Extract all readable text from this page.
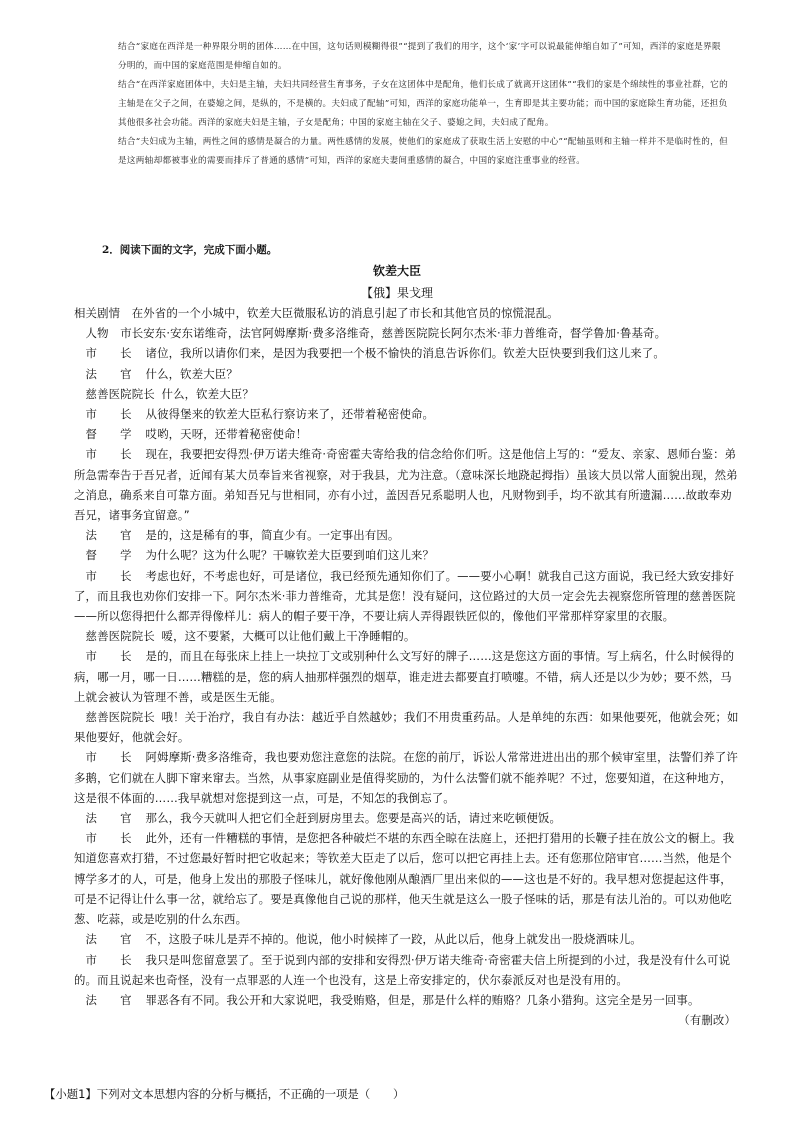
结合“家庭在西洋是一种界限分明的团体……在中国，这句话则模糊得很”“提到了我们的用字，这个‘家’字可以说最能伸缩自如了”可知，西洋的家庭是界限分明的，而中国的家庭范围是伸缩自如的。

结合“在西洋家庭团体中，夫妇是主轴，夫妇共同经营生育事务，子女在这团体中是配角，他们长成了就离开这团体”“我们的家是个绵续性的事业社群，它的主轴是在父子之间，在婆媳之间，是纵的，不是横的。夫妇成了配轴”可知，西洋的家庭功能单一，生育即是其主要功能；而中国的家庭除生育功能，还担负其他很多社会功能。西洋的家庭夫妇是主轴，子女是配角；中国的家庭主轴在父子、婆媳之间，夫妇成了配角。

结合“夫妇成为主轴，两性之间的感情是凝合的力量。两性感情的发展，使他们的家庭成了获取生活上安慰的中心”“配轴虽则和主轴一样并不是临时性的，但是这两轴却都被事业的需要而排斥了普通的感情”可知，西洋的家庭夫妻间重感情的凝合，中国的家庭注重事业的经营。

2．阅读下面的文字，完成下面小题。
钦差大臣
【俄】果戈理

相关剧情　 在外省的一个小城中，钦差大臣微服私访的消息引起了市长和其他官员的惊慌混乱。

　人物　 市长安东·安东诺维奇，法官阿姆摩斯·费多洛维奇，慈善医院院长阿尔杰米·菲力普维奇，督学鲁加·鲁基奇。

　市　　长 诸位，我所以请你们来，是因为我要把一个极不愉快的消息告诉你们。钦差大臣快要到我们这儿来了。

　法　　官 什么，钦差大臣？

　慈善医院院长 什么，钦差大臣？

　市　　长 从彼得堡来的钦差大臣私行察访来了，还带着秘密使命。

　督　　学 哎哟，天呀，还带着秘密使命！

　市　　长 现在，我要把安得烈·伊万诺夫维奇·奇密霍夫寄给我的信念给你们听。这是他信上写的：“爱友、亲家、恩师台鉴：弟所急需奉告于吾兄者，近闻有某大员奉旨来省视察，对于我县，尤为注意。（意味深长地跷起拇指）虽该大员以常人面貌出现，然弟之消息，确系来自可靠方面。弟知吾兄与世相同，亦有小过，盖因吾兄系聪明人也，凡财物到手，均不欲其有所遗漏……故敢奉劝吾兄，诸事务宜留意。”

　法　　官 是的，这是稀有的事，简直少有。一定事出有因。

　督　　学 为什么呢？这为什么呢？干嘛钦差大臣要到咱们这儿来？

　市　　长 考虑也好，不考虑也好，可是诸位，我已经预先通知你们了。——要小心啊！就我自己这方面说，我已经大致安排好了，而且我也劝你们安排一下。阿尔杰米·菲力普维奇，尤其是您！没有疑问，这位路过的大员一定会先去视察您所管理的慈善医院——所以您得把什么都弄得像样儿：病人的帽子要干净，不要让病人弄得跟铁匠似的，像他们平常那样穿家里的衣服。

　慈善医院院长 嗳，这不要紧，大概可以让他们戴上干净睡帽的。

　市　　长 是的，而且在每张床上挂上一块拉丁文或别种什么文写好的牌子……这是您这方面的事情。写上病名，什么时候得的病，哪一月，哪一日……糟糕的是，您的病人抽那样强烈的烟草，谁走进去都要直打喷嚏。不错，病人还是以少为妙；要不然，马上就会被认为管理不善，或是医生无能。

　慈善医院院长 哦！关于治疗，我自有办法：越近乎自然越妙；我们不用贵重药品。人是单纯的东西：如果他要死，他就会死；如果他要好，他就会好。

　市　　长 阿姆摩斯·费多洛维奇，我也要劝您注意您的法院。在您的前厅，诉讼人常常进进出出的那个候审室里，法警们养了许多鹅，它们就在人脚下窜来窜去。当然，从事家庭副业是值得奖励的，为什么法警们就不能养呢？不过，您要知道，在这种地方，这是很不体面的……我早就想对您提到这一点，可是，不知怎的我倒忘了。

　法　　官 那么，我今天就叫人把它们全赶到厨房里去。您要是高兴的话，请过来吃顿便饭。

　市　　长 此外，还有一件糟糕的事情，是您把各种破烂不堪的东西全晾在法庭上，还把打猎用的长鞭子挂在放公文的橱上。我知道您喜欢打猎，不过您最好暂时把它收起来；等钦差大臣走了以后，您可以把它再挂上去。还有您那位陪审官……当然，他是个博学多才的人，可是，他身上发出的那股子怪味儿，就好像他刚从酿酒厂里出来似的——这也是不好的。我早想对您提起这件事，可是不记得让什么事一岔，就给忘了。要是真像他自己说的那样，他天生就是这么一股子怪味的话，那是有法儿治的。可以劝他吃葱、吃蒜，或是吃别的什么东西。

　法　　官 不，这股子味儿是弄不掉的。他说，他小时候摔了一跤，从此以后，他身上就发出一股烧酒味儿。

　市　　长 我只是叫您留意罢了。至于说到内部的安排和安得烈·伊万诺夫维奇·奇密霍夫信上所提到的小过，我是没有什么可说的。而且说起来也奇怪，没有一点罪恶的人连一个也没有，这是上帝安排定的，伏尔泰派反对也是没有用的。

　法　　官 罪恶各有不同。我公开和大家说吧，我受贿赂，但是，那是什么样的贿赂？几条小猎狗。这完全是另一回事。

（有删改）

【小题1】下列对文本思想内容的分析与概括，不正确的一项是（　　）
